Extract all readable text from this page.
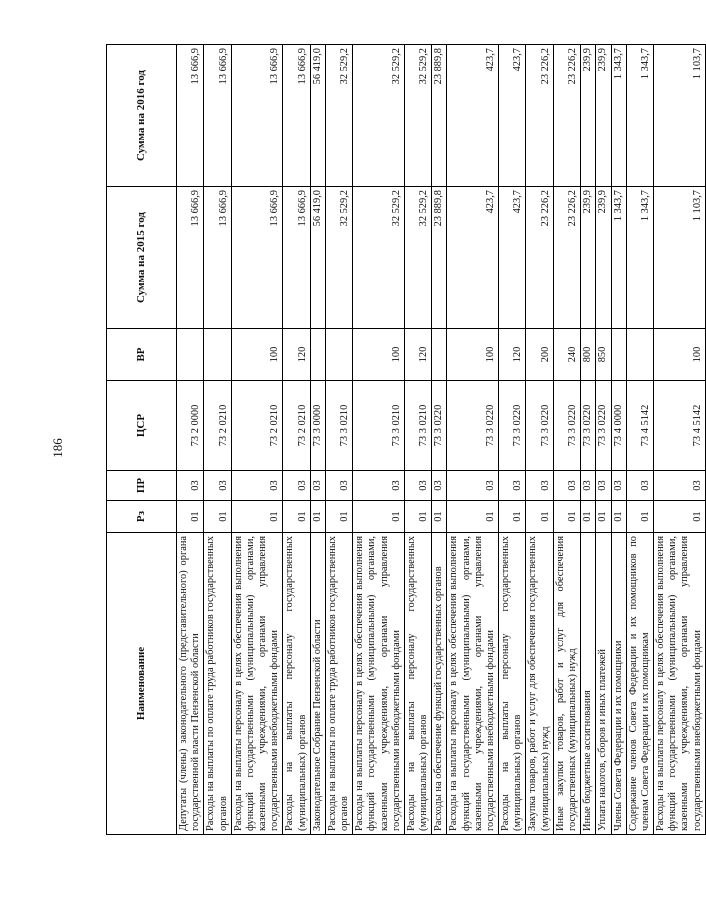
186
Наименование	Рз	ПР	ЦСР	ВР	Сумма на 2015 год	Сумма на 2016 год
Депутаты (члены) законодательного (представительного) органа государственной власти Пензенской области	01	03	73 2 0000		13 666,9	13 666,9
Расходы на выплаты по оплате труда работников государственных органов	01	03	73 2 0210		13 666,9	13 666,9
Расходы на выплаты персоналу в целях обеспечения выполнения функций государственными (муниципальными) органами, казенными учреждениями, органами управления государственными внебюджетными фондами	01	03	73 2 0210	100	13 666,9	13 666,9
Расходы на выплаты персоналу государственных (муниципальных) органов	01	03	73 2 0210	120	13 666,9	13 666,9
Законодательное Собрание Пензенской области	01	03	73 3 0000		56 419,0	56 419,0
Расходы на выплаты по оплате труда работников государственных органов	01	03	73 3 0210		32 529,2	32 529,2
Расходы на выплаты персоналу в целях обеспечения выполнения функций государственными (муниципальными) органами, казенными учреждениями, органами управления государственными внебюджетными фондами	01	03	73 3 0210	100	32 529,2	32 529,2
Расходы на выплаты персоналу государственных (муниципальных) органов	01	03	73 3 0210	120	32 529,2	32 529,2
Расходы на обеспечение функций государственных органов	01	03	73 3 0220		23 889,8	23 889,8
Расходы на выплаты персоналу в целях обеспечения выполнения функций государственными (муниципальными) органами, казенными учреждениями, органами управления государственными внебюджетными фондами	01	03	73 3 0220	100	423,7	423,7
Расходы на выплаты персоналу государственных (муниципальных) органов	01	03	73 3 0220	120	423,7	423,7
Закупка товаров, работ и услуг для обеспечения государственных (муниципальных) нужд	01	03	73 3 0220	200	23 226,2	23 226,2
Иные закупки товаров, работ и услуг для обеспечения государственных (муниципальных) нужд	01	03	73 3 0220	240	23 226,2	23 226,2
Иные бюджетные ассигнования	01	03	73 3 0220	800	239,9	239,9
Уплата налогов, сборов и иных платежей	01	03	73 3 0220	850	239,9	239,9
Члены Совета Федерации и их помощники	01	03	73 4 0000		1 343,7	1 343,7
Содержание членов Совета Федерации и их помощников по членам Совета Федерации и их помощникам	01	03	73 4 5142		1 343,7	1 343,7
Расходы на выплаты персоналу в целях обеспечения выполнения функций государственными (муниципальными) органами, казенными учреждениями, органами управления государственными внебюджетными фондами	01	03	73 4 5142	100	1 103,7	1 103,7
